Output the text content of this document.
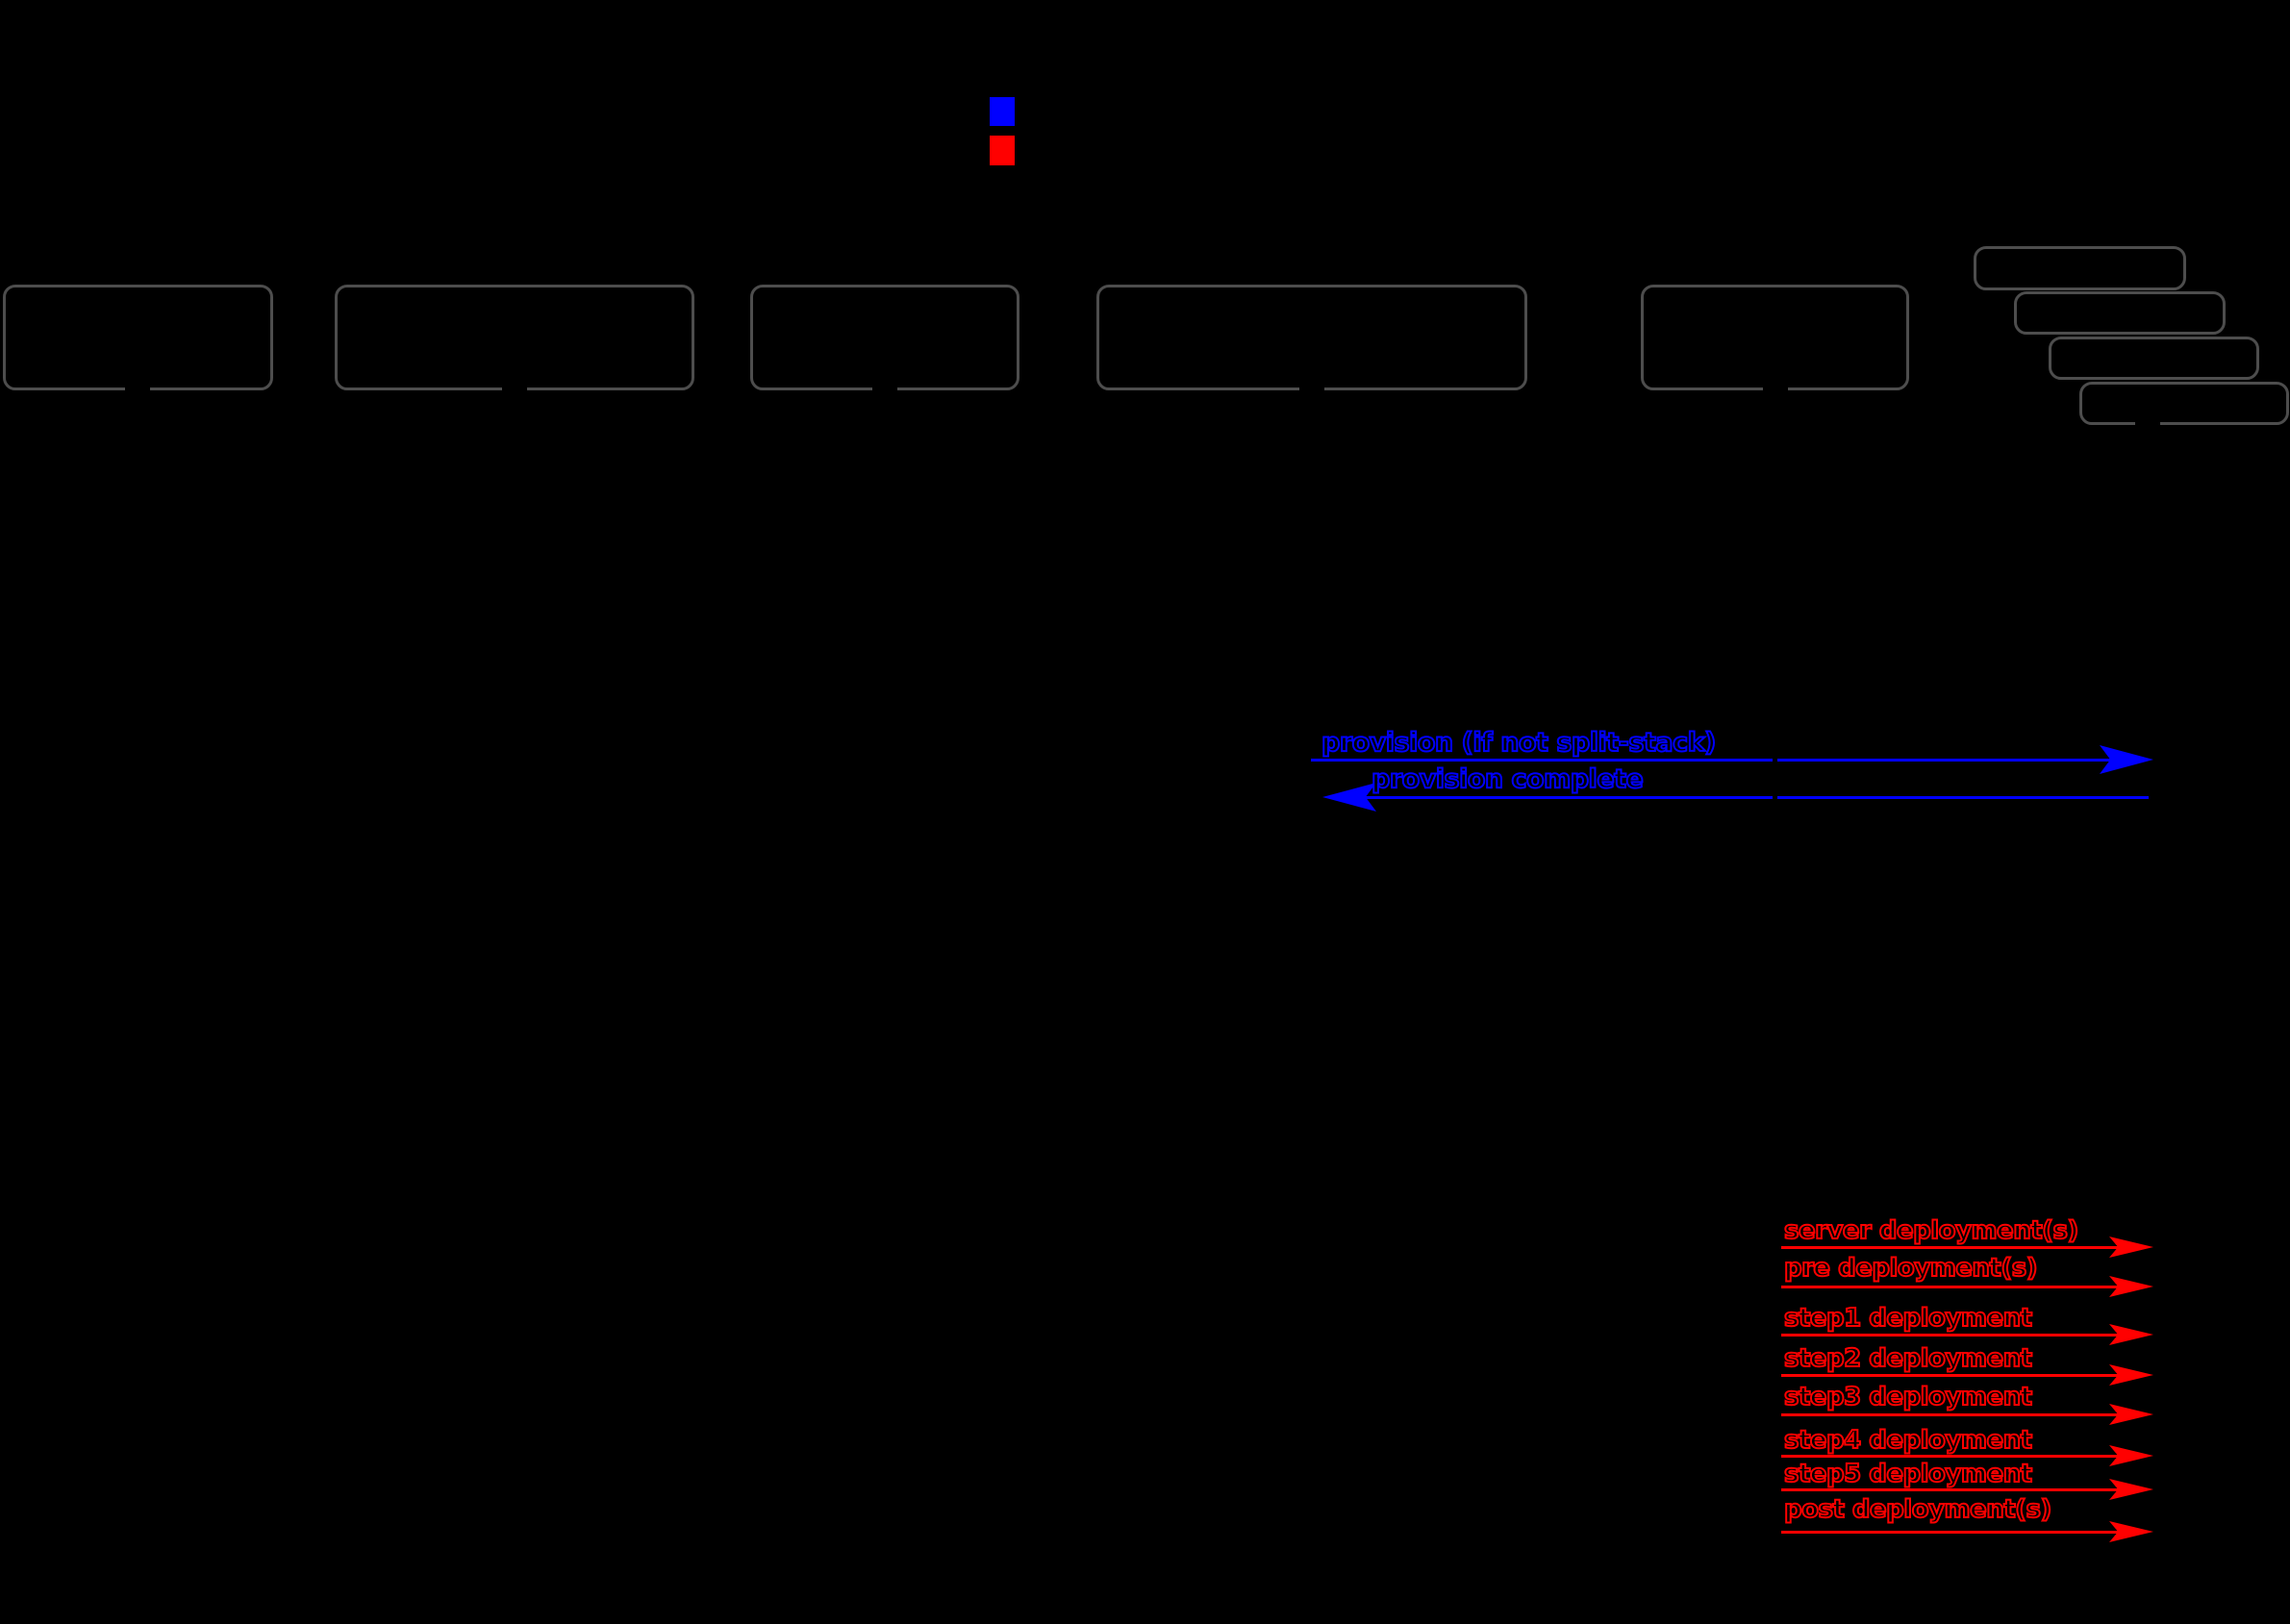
provision (if not split-stack)
provision complete
server deployment(s)
pre deployment(s)
step1 deployment
step2 deployment
step3 deployment
step4 deployment
step5 deployment
post deployment(s)
